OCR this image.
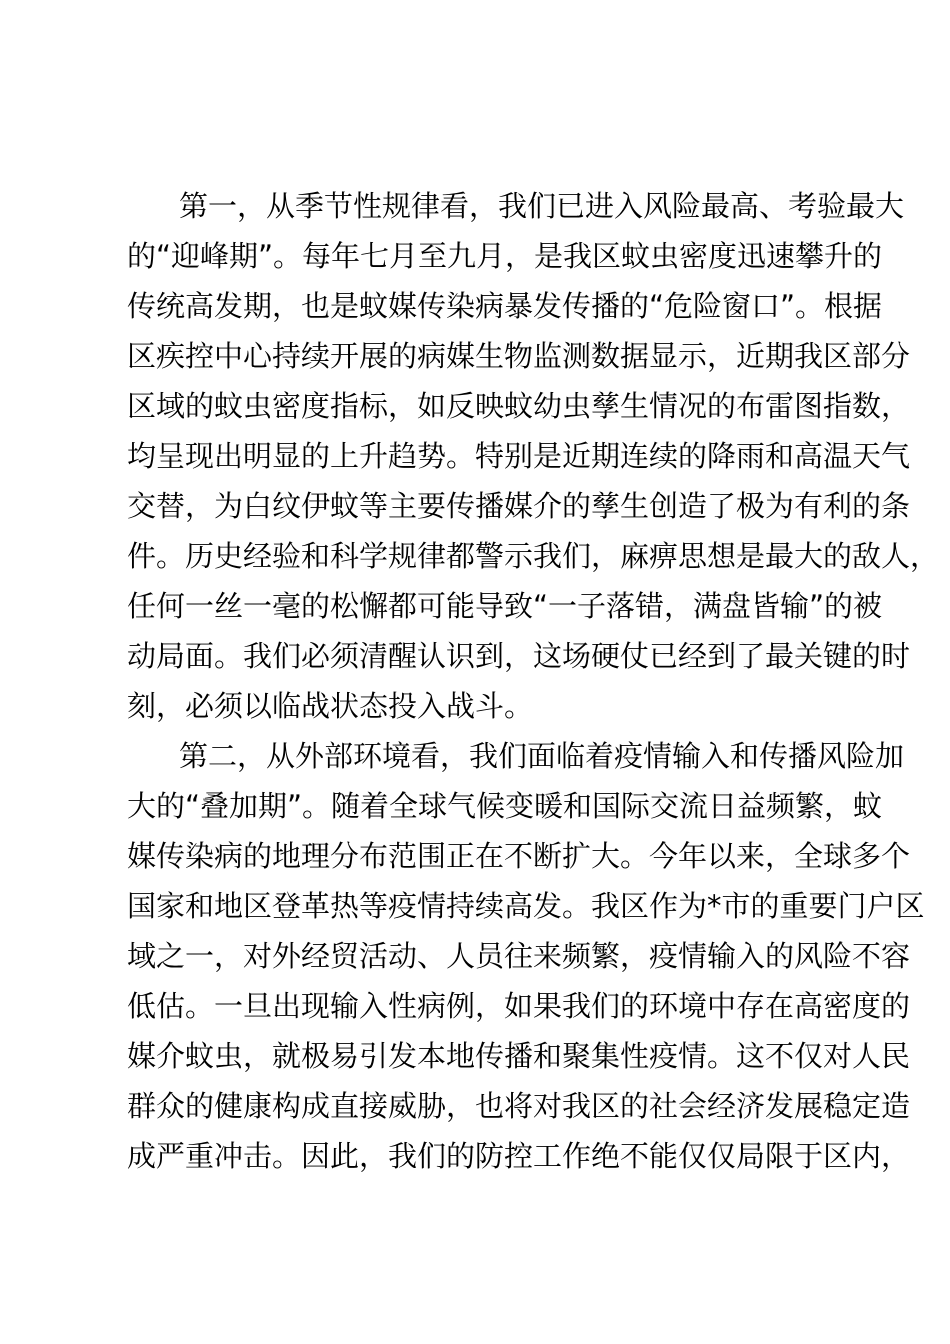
第一，从季节性规律看，我们已进入风险最高、考验最大
的“迎峰期”。每年七月至九月，是我区蚊虫密度迅速攀升的
传统高发期，也是蚊媒传染病暴发传播的“危险窗口”。根据
区疾控中心持续开展的病媒生物监测数据显示，近期我区部分
区域的蚊虫密度指标，如反映蚊幼虫孳生情况的布雷图指数，
均呈现出明显的上升趋势。特别是近期连续的降雨和高温天气
交替，为白纹伊蚊等主要传播媒介的孳生创造了极为有利的条
件。历史经验和科学规律都警示我们，麻痹思想是最大的敌人，
任何一丝一毫的松懈都可能导致“一子落错，满盘皆输”的被
动局面。我们必须清醒认识到，这场硬仗已经到了最关键的时
刻，必须以临战状态投入战斗。
第二，从外部环境看，我们面临着疫情输入和传播风险加
大的“叠加期”。随着全球气候变暖和国际交流日益频繁，蚊
媒传染病的地理分布范围正在不断扩大。今年以来，全球多个
国家和地区登革热等疫情持续高发。我区作为*市的重要门户区
域之一，对外经贸活动、人员往来频繁，疫情输入的风险不容
低估。一旦出现输入性病例，如果我们的环境中存在高密度的
媒介蚊虫，就极易引发本地传播和聚集性疫情。这不仅对人民
群众的健康构成直接威胁，也将对我区的社会经济发展稳定造
成严重冲击。因此，我们的防控工作绝不能仅仅局限于区内，
